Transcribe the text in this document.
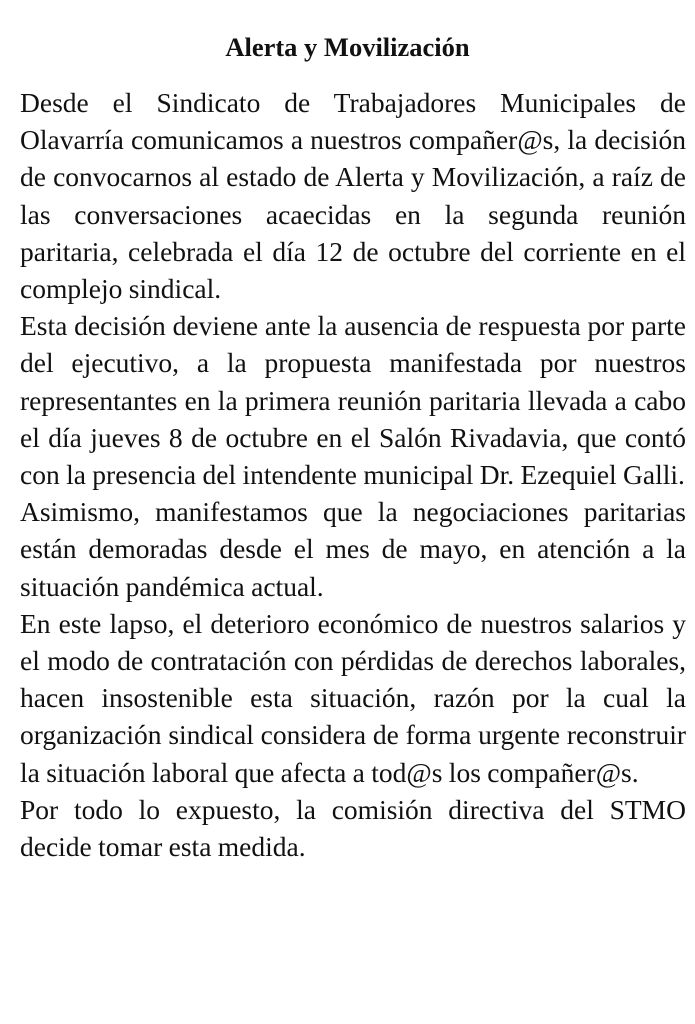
Alerta y Movilización

Desde el Sindicato de Trabajadores Municipales de Olavarría comunicamos a nuestros compañer@s, la decisión de convocarnos al estado de Alerta y Movilización, a raíz de las conversaciones acaecidas en la segunda reunión paritaria, celebrada el día 12 de octubre del corriente en el complejo sindical.

Esta decisión deviene ante la ausencia de respuesta por parte del ejecutivo, a la propuesta manifestada por nuestros representantes en la primera reunión paritaria llevada a cabo el día jueves 8 de octubre en el Salón Rivadavia, que contó con la presencia del intendente municipal Dr. Ezequiel Galli.

Asimismo, manifestamos que la negociaciones paritarias están demoradas desde el mes de mayo, en atención a la situación pandémica actual.

En este lapso, el deterioro económico de nuestros salarios y el modo de contratación con pérdidas de derechos laborales, hacen insostenible esta situación, razón por la cual la organización sindical considera de forma urgente reconstruir la situación laboral que afecta a tod@s los compañer@s.

Por todo lo expuesto, la comisión directiva del STMO decide tomar esta medida.
